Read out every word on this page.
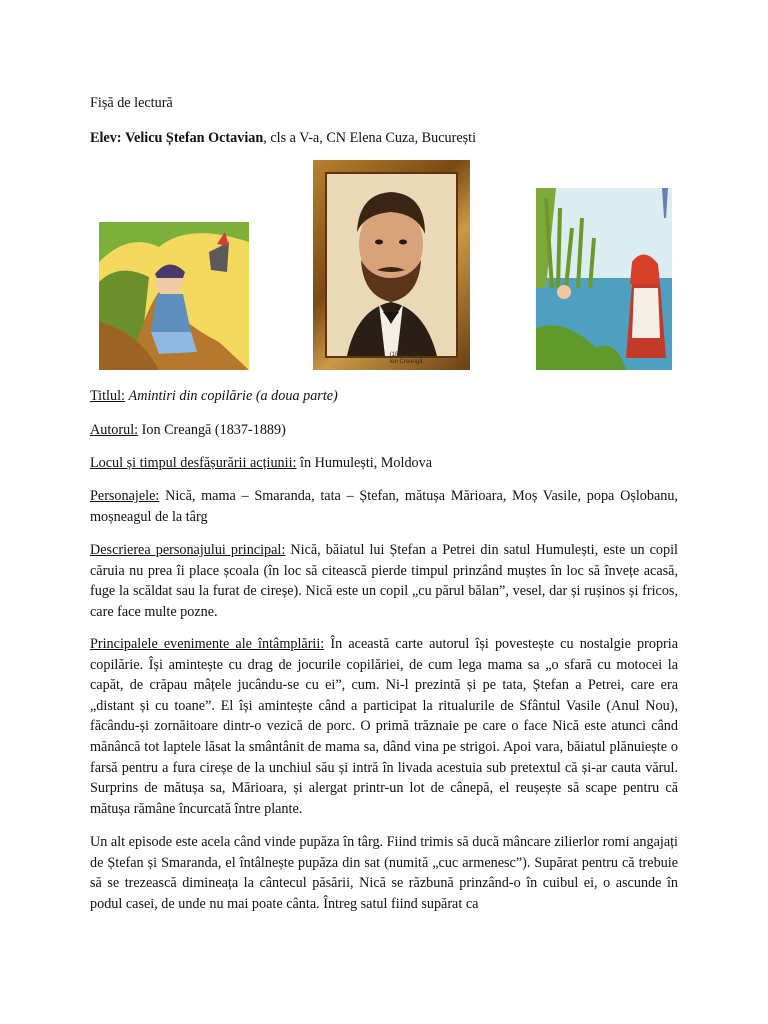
Fișă de lectură
Elev: Velicu Ștefan Octavian, cls a V-a, CN Elena Cuza, București
(1837-1889)
Ion Creangă
Titlul: Amintiri din copilărie (a doua parte)
Autorul: Ion Creangă (1837-1889)
Locul și timpul desfășurării acțiunii: în Humulești, Moldova
Personajele: Nică, mama – Smaranda, tata – Ștefan, mătușa Mărioara, Moș Vasile, popa Oșlobanu, moșneagul de la târg
Descrierea personajului principal: Nică, băiatul lui Ștefan a Petrei din satul Humulești, este un copil căruia nu prea îi place școala (în loc să citească pierde timpul prinzând muștes în loc să învețe acasă, fuge la scăldat sau la furat de cireșe). Nică este un copil „cu părul bălan”, vesel, dar și rușinos și fricos, care face multe pozne.
Principalele evenimente ale întâmplării: În această carte autorul își povestește cu nostalgie propria copilărie. Își amintește cu drag de jocurile copilăriei, de cum lega mama sa „o sfară cu motocei la capăt, de crăpau mâțele jucându-se cu ei”, cum. Ni-l prezintă și pe tata, Ștefan a Petrei, care era „distant și cu toane”. El își amintește când a participat la ritualurile de Sfântul Vasile (Anul Nou), făcându-și zornăitoare dintr-o vezică de porc. O primă trăznaie pe care o face Nică este atunci când mănâncă tot laptele lăsat la smântânit de mama sa, dând vina pe strigoi. Apoi vara, băiatul plănuiește o farsă pentru a fura cireșe de la unchiul său și intră în livada acestuia sub pretextul că și-ar cauta vărul. Surprins de mătușa sa, Mărioara, și alergat printr-un lot de cânepă, el reușește să scape pentru că mătușa rămâne încurcată între plante.
Un alt episode este acela când vinde pupăza în târg. Fiind trimis să ducă mâncare zilierlor romi angajați de Ștefan și Smaranda, el întâlnește pupăza din sat (numită „cuc armenesc”). Supărat pentru că trebuie să se trezească dimineața la cântecul păsării, Nică se răzbună prinzând-o în cuibul ei, o ascunde în podul casei, de unde nu mai poate cânta. Întreg satul fiind supărat ca
